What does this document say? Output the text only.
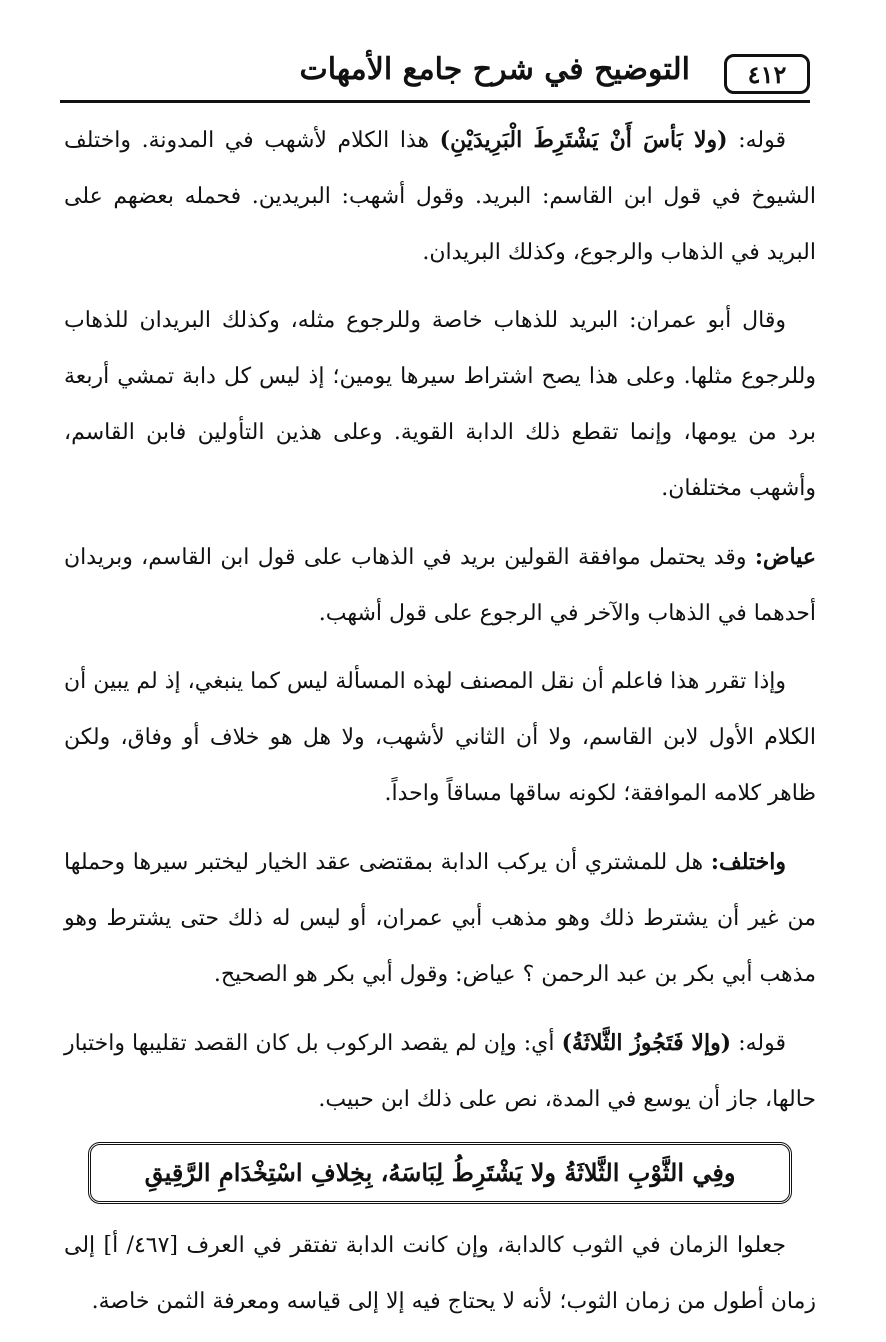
٤١٢
التوضيح في شرح جامع الأمهات

قوله: (ولا بَأسَ أَنْ يَشْتَرِطَ الْبَرِيدَيْنِ) هذا الكلام لأشهب في المدونة. واختلف الشيوخ في قول ابن القاسم: البريد. وقول أشهب: البريدين. فحمله بعضهم على البريد في الذهاب والرجوع، وكذلك البريدان.

وقال أبو عمران: البريد للذهاب خاصة وللرجوع مثله، وكذلك البريدان للذهاب وللرجوع مثلها. وعلى هذا يصح اشتراط سيرها يومين؛ إذ ليس كل دابة تمشي أربعة برد من يومها، وإنما تقطع ذلك الدابة القوية. وعلى هذين التأولين فابن القاسم، وأشهب مختلفان.

عياض: وقد يحتمل موافقة القولين بريد في الذهاب على قول ابن القاسم، وبريدان أحدهما في الذهاب والآخر في الرجوع على قول أشهب.

وإذا تقرر هذا فاعلم أن نقل المصنف لهذه المسألة ليس كما ينبغي، إذ لم يبين أن الكلام الأول لابن القاسم، ولا أن الثاني لأشهب، ولا هل هو خلاف أو وفاق، ولكن ظاهر كلامه الموافقة؛ لكونه ساقها مساقاً واحداً.

واختلف: هل للمشتري أن يركب الدابة بمقتضى عقد الخيار ليختبر سيرها وحملها من غير أن يشترط ذلك وهو مذهب أبي عمران، أو ليس له ذلك حتى يشترط وهو مذهب أبي بكر بن عبد الرحمن ؟ عياض: وقول أبي بكر هو الصحيح.

قوله: (وإلا فَتَجُوزُ الثَّلاثَةُ) أي: وإن لم يقصد الركوب بل كان القصد تقليبها واختبار حالها، جاز أن يوسع في المدة، نص على ذلك ابن حبيب.

وفِي الثَّوْبِ الثَّلاثَةُ ولا يَشْتَرِطُ لِبَاسَهُ، بِخِلافِ اسْتِخْدَامِ الرَّقِيقِ

جعلوا الزمان في الثوب كالدابة، وإن كانت الدابة تفتقر في العرف [٤٦٧/ أ] إلى زمان أطول من زمان الثوب؛ لأنه لا يحتاج فيه إلا إلى قياسه ومعرفة الثمن خاصة.
